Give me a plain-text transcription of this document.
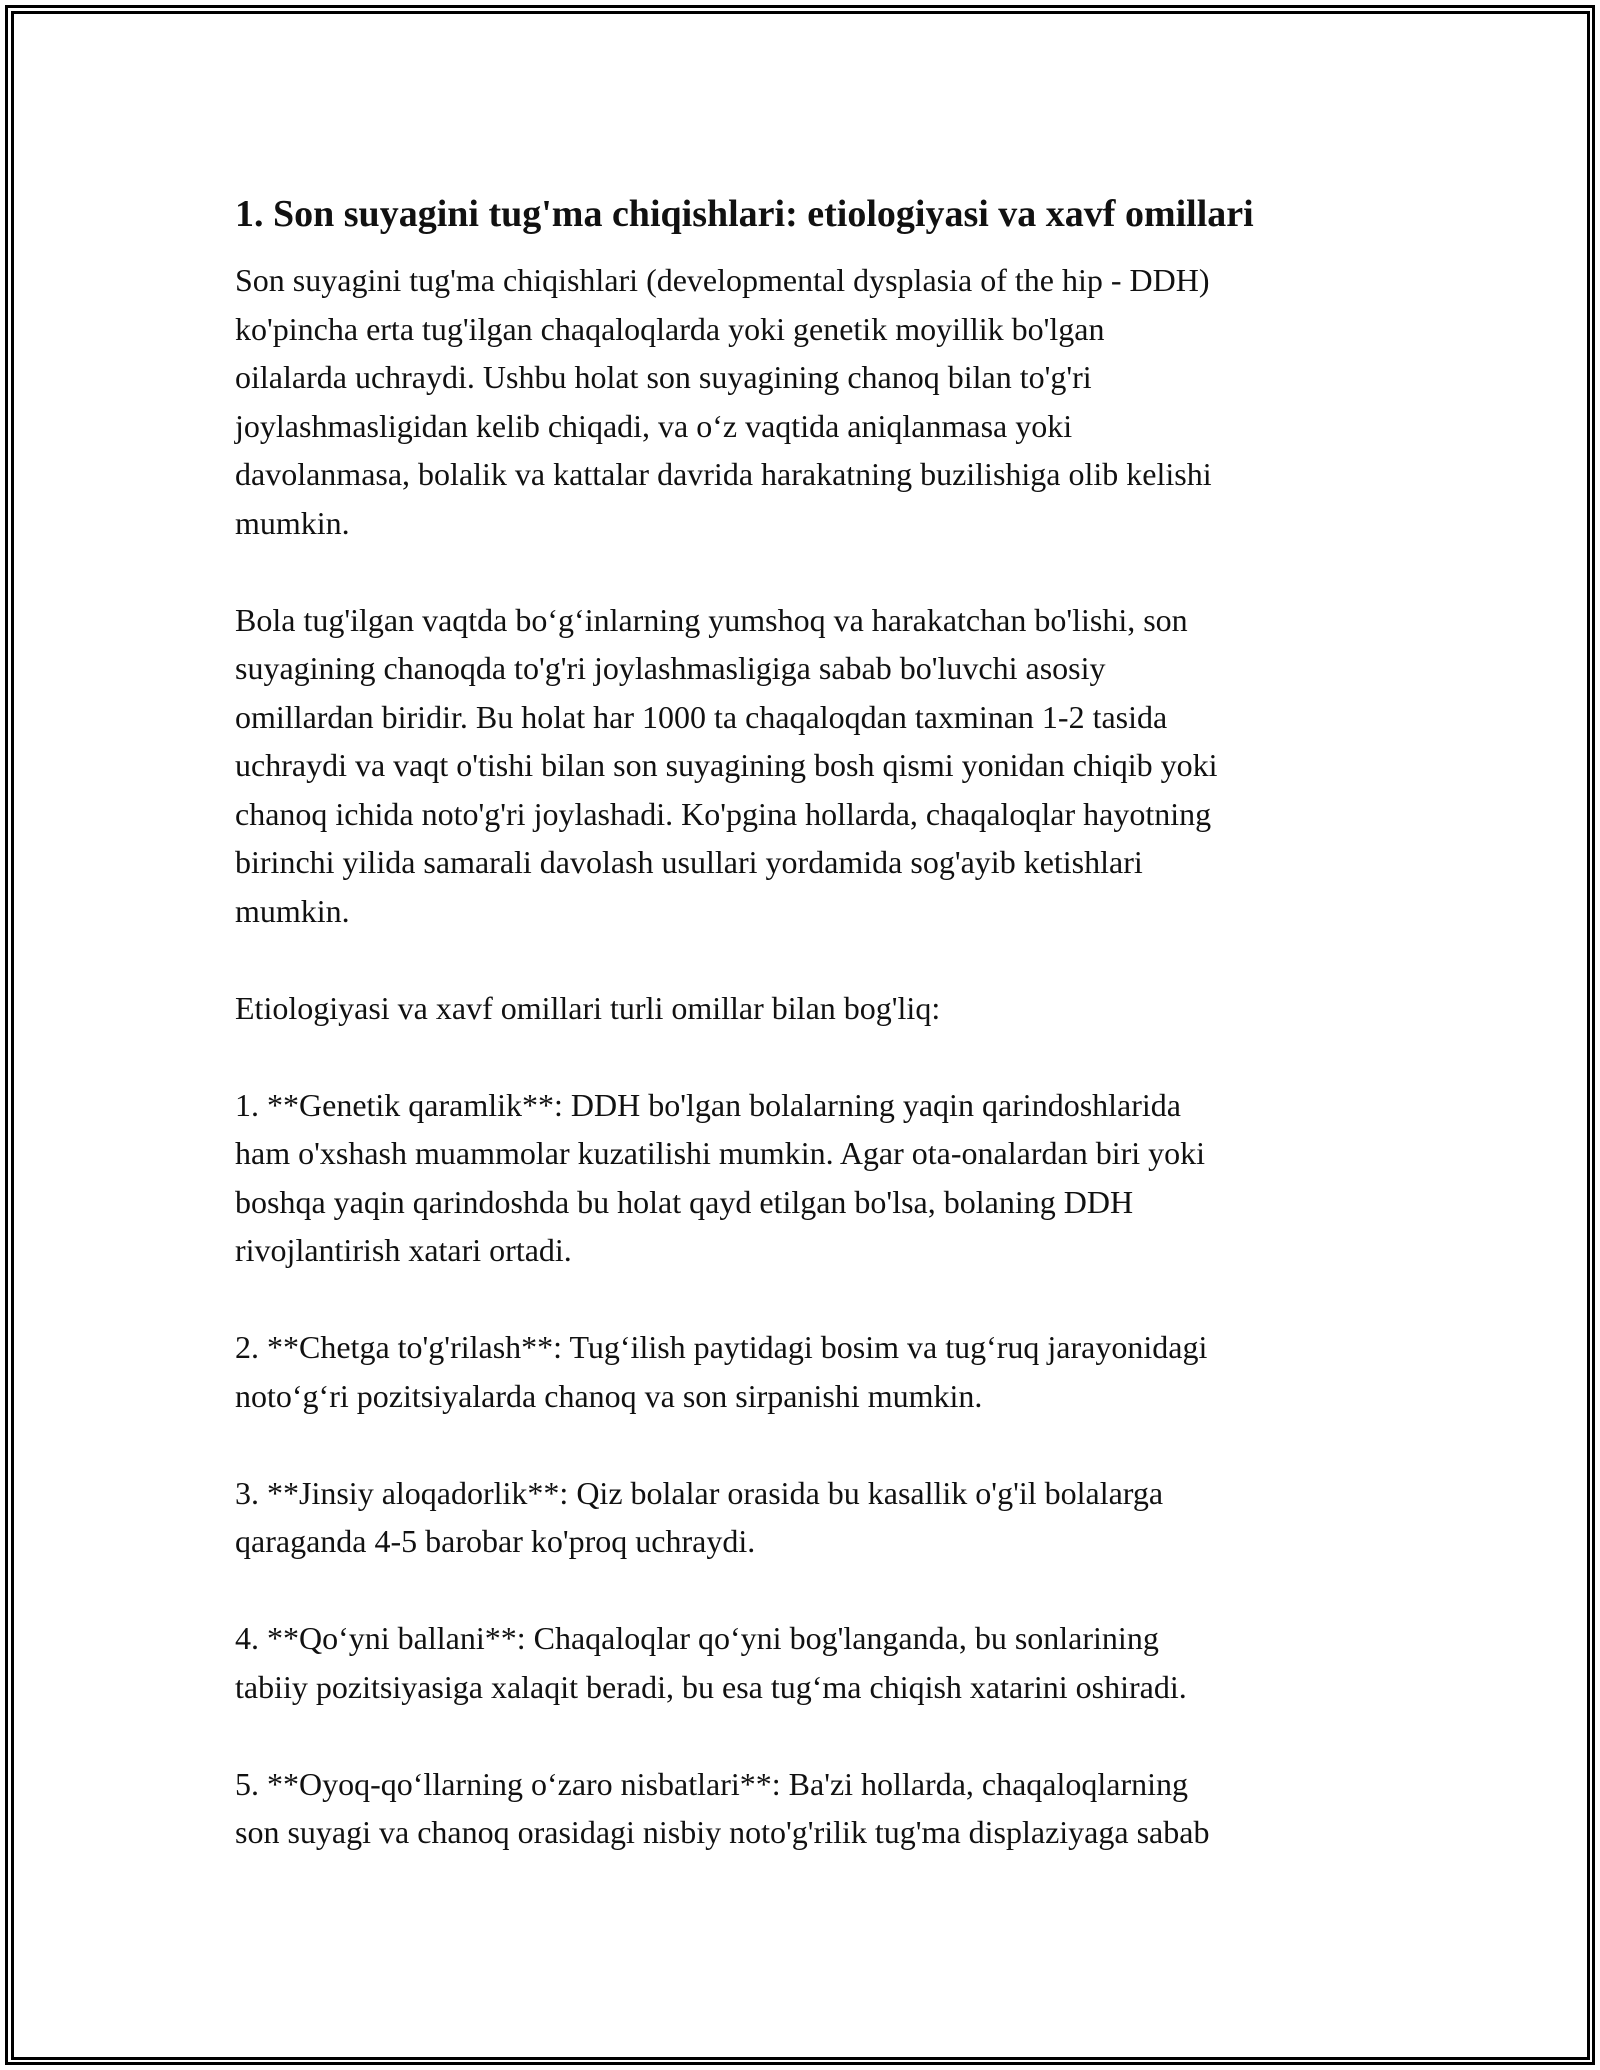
1. Son suyagini tug'ma chiqishlari: etiologiyasi va xavf omillari
Son suyagini tug'ma chiqishlari (developmental dysplasia of the hip - DDH)
ko'pincha erta tug'ilgan chaqaloqlarda yoki genetik moyillik bo'lgan
oilalarda uchraydi. Ushbu holat son suyagining chanoq bilan to'g'ri
joylashmasligidan kelib chiqadi, va o‘z vaqtida aniqlanmasa yoki
davolanmasa, bolalik va kattalar davrida harakatning buzilishiga olib kelishi
mumkin.
Bola tug'ilgan vaqtda bo‘g‘inlarning yumshoq va harakatchan bo'lishi, son
suyagining chanoqda to'g'ri joylashmasligiga sabab bo'luvchi asosiy
omillardan biridir. Bu holat har 1000 ta chaqaloqdan taxminan 1-2 tasida
uchraydi va vaqt o'tishi bilan son suyagining bosh qismi yonidan chiqib yoki
chanoq ichida noto'g'ri joylashadi. Ko'pgina hollarda, chaqaloqlar hayotning
birinchi yilida samarali davolash usullari yordamida sog'ayib ketishlari
mumkin.
Etiologiyasi va xavf omillari turli omillar bilan bog'liq:
1. **Genetik qaramlik**: DDH bo'lgan bolalarning yaqin qarindoshlarida
ham o'xshash muammolar kuzatilishi mumkin. Agar ota-onalardan biri yoki
boshqa yaqin qarindoshda bu holat qayd etilgan bo'lsa, bolaning DDH
rivojlantirish xatari ortadi.
2. **Chetga to'g'rilash**: Tug‘ilish paytidagi bosim va tug‘ruq jarayonidagi
noto‘g‘ri pozitsiyalarda chanoq va son sirpanishi mumkin.
3. **Jinsiy aloqadorlik**: Qiz bolalar orasida bu kasallik o'g'il bolalarga
qaraganda 4-5 barobar ko'proq uchraydi.
4. **Qo‘yni ballani**: Chaqaloqlar qo‘yni bog'langanda, bu sonlarining
tabiiy pozitsiyasiga xalaqit beradi, bu esa tug‘ma chiqish xatarini oshiradi.
5. **Oyoq-qo‘llarning o‘zaro nisbatlari**: Ba'zi hollarda, chaqaloqlarning
son suyagi va chanoq orasidagi nisbiy noto'g'rilik tug'ma displaziyaga sabab
